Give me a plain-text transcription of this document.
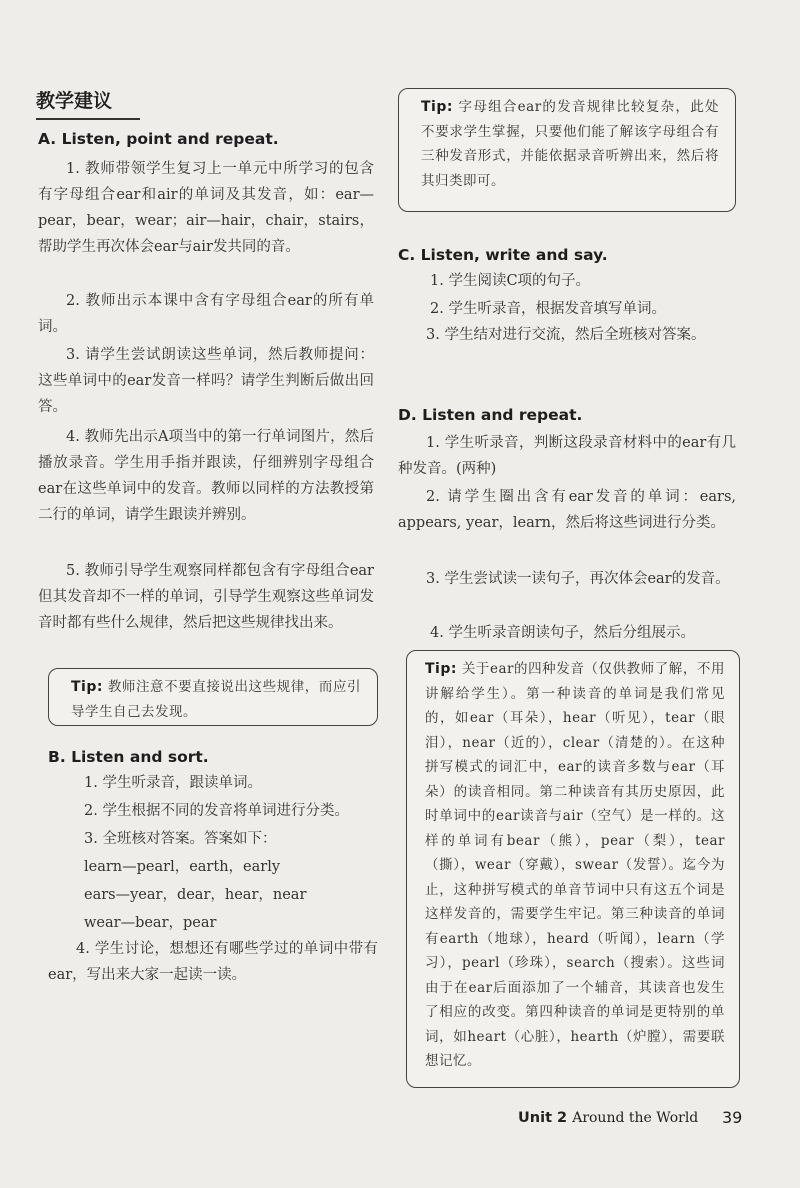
教学建议
A. Listen, point and repeat.
1. 教师带领学生复习上一单元中所学习的包含有字母组合ear和air的单词及其发音，如：ear—pear，bear，wear；air—hair，chair，stairs，帮助学生再次体会ear与air发共同的音。
2. 教师出示本课中含有字母组合ear的所有单词。
3. 请学生尝试朗读这些单词，然后教师提问：这些单词中的ear发音一样吗？请学生判断后做出回答。
4. 教师先出示A项当中的第一行单词图片，然后播放录音。学生用手指并跟读，仔细辨别字母组合ear在这些单词中的发音。教师以同样的方法教授第二行的单词，请学生跟读并辨别。
5. 教师引导学生观察同样都包含有字母组合ear但其发音却不一样的单词，引导学生观察这些单词发音时都有些什么规律，然后把这些规律找出来。
Tip: 教师注意不要直接说出这些规律，而应引导学生自己去发现。
B. Listen and sort.
1. 学生听录音，跟读单词。
2. 学生根据不同的发音将单词进行分类。
3. 全班核对答案。答案如下：
learn—pearl，earth，early
ears—year，dear，hear，near
wear—bear，pear
4. 学生讨论，想想还有哪些学过的单词中带有ear，写出来大家一起读一读。
Tip: 字母组合ear的发音规律比较复杂，此处不要求学生掌握，只要他们能了解该字母组合有三种发音形式，并能依据录音听辨出来，然后将其归类即可。
C. Listen, write and say.
1. 学生阅读C项的句子。
2. 学生听录音，根据发音填写单词。
3. 学生结对进行交流，然后全班核对答案。
D. Listen and repeat.
1. 学生听录音，判断这段录音材料中的ear有几种发音。(两种)
2. 请学生圈出含有ear发音的单词：ears, appears, year，learn，然后将这些词进行分类。
3. 学生尝试读一读句子，再次体会ear的发音。
4. 学生听录音朗读句子，然后分组展示。
Tip: 关于ear的四种发音（仅供教师了解，不用讲解给学生）。第一种读音的单词是我们常见的，如ear（耳朵），hear（听见），tear（眼泪），near（近的），clear（清楚的）。在这种拼写模式的词汇中，ear的读音多数与ear（耳朵）的读音相同。第二种读音有其历史原因，此时单词中的ear读音与air（空气）是一样的。这样的单词有bear（熊），pear（梨），tear（撕），wear（穿戴），swear（发誓）。迄今为止，这种拼写模式的单音节词中只有这五个词是这样发音的，需要学生牢记。第三种读音的单词有earth（地球），heard（听闻），learn（学习），pearl（珍珠），search（搜索）。这些词由于在ear后面添加了一个辅音，其读音也发生了相应的改变。第四种读音的单词是更特别的单词，如heart（心脏），hearth（炉膛），需要联想记忆。
Unit 2 Around the World 39
